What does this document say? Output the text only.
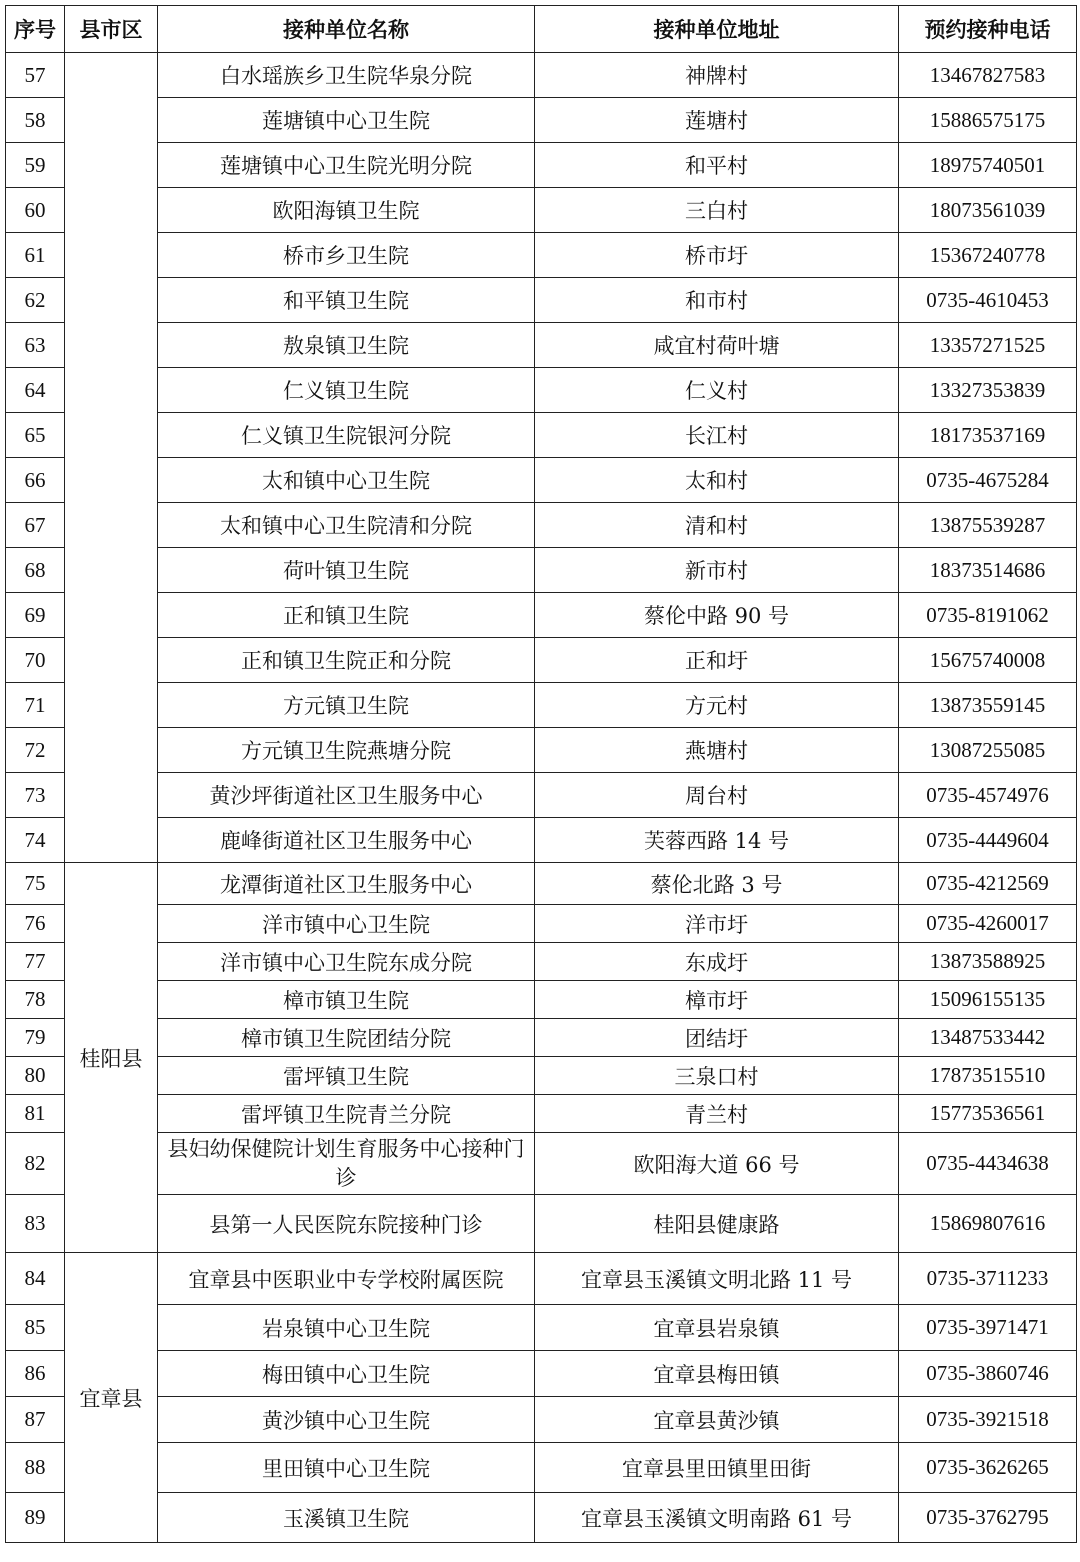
序号	县市区	接种单位名称	接种单位地址	预约接种电话
57		白水瑶族乡卫生院华泉分院	神牌村	13467827583
58		莲塘镇中心卫生院	莲塘村	15886575175
59		莲塘镇中心卫生院光明分院	和平村	18975740501
60		欧阳海镇卫生院	三白村	18073561039
61		桥市乡卫生院	桥市圩	15367240778
62		和平镇卫生院	和市村	0735-4610453
63		敖泉镇卫生院	咸宜村荷叶塘	13357271525
64		仁义镇卫生院	仁义村	13327353839
65		仁义镇卫生院银河分院	长江村	18173537169
66		太和镇中心卫生院	太和村	0735-4675284
67		太和镇中心卫生院清和分院	清和村	13875539287
68		荷叶镇卫生院	新市村	18373514686
69		正和镇卫生院	蔡伦中路 90 号	0735-8191062
70		正和镇卫生院正和分院	正和圩	15675740008
71		方元镇卫生院	方元村	13873559145
72		方元镇卫生院燕塘分院	燕塘村	13087255085
73		黄沙坪街道社区卫生服务中心	周台村	0735-4574976
74		鹿峰街道社区卫生服务中心	芙蓉西路 14 号	0735-4449604
75	桂阳县	龙潭街道社区卫生服务中心	蔡伦北路 3 号	0735-4212569
76		洋市镇中心卫生院	洋市圩	0735-4260017
77		洋市镇中心卫生院东成分院	东成圩	13873588925
78		樟市镇卫生院	樟市圩	15096155135
79		樟市镇卫生院团结分院	团结圩	13487533442
80		雷坪镇卫生院	三泉口村	17873515510
81		雷坪镇卫生院青兰分院	青兰村	15773536561
82		县妇幼保健院计划生育服务中心接种门诊	欧阳海大道 66 号	0735-4434638
83		县第一人民医院东院接种门诊	桂阳县健康路	15869807616
84	宜章县	宜章县中医职业中专学校附属医院	宜章县玉溪镇文明北路 11 号	0735-3711233
85		岩泉镇中心卫生院	宜章县岩泉镇	0735-3971471
86		梅田镇中心卫生院	宜章县梅田镇	0735-3860746
87		黄沙镇中心卫生院	宜章县黄沙镇	0735-3921518
88		里田镇中心卫生院	宜章县里田镇里田街	0735-3626265
89		玉溪镇卫生院	宜章县玉溪镇文明南路 61 号	0735-3762795
